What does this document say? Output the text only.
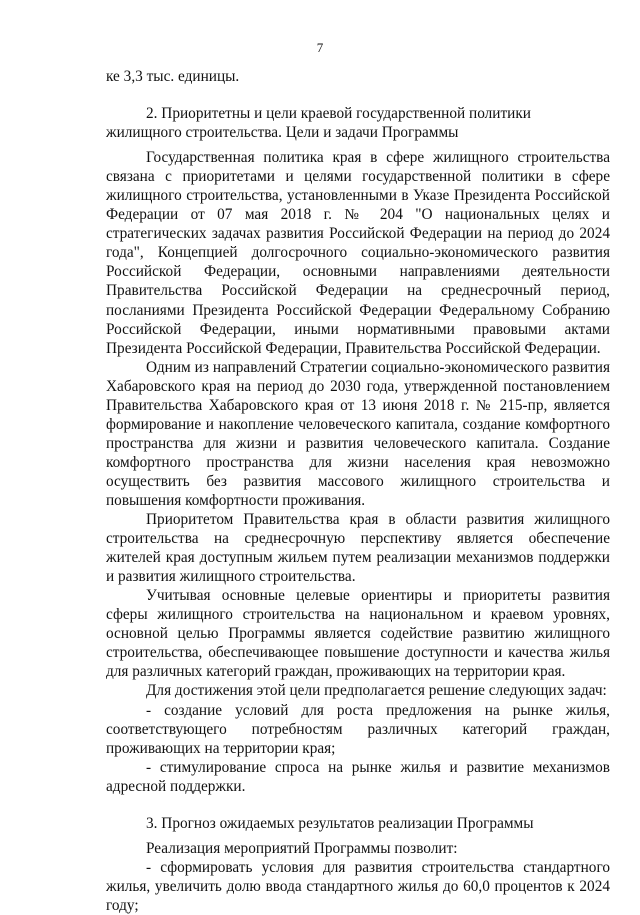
7

ке 3,3 тыс. единицы.

2. Приоритетны и цели краевой государственной политики жилищного строительства. Цели и задачи Программы

Государственная политика края в сфере жилищного строительства связана с приоритетами и целями государственной политики в сфере жилищного строительства, установленными в Указе Президента Российской Федерации от 07 мая 2018 г. № 204 "О национальных целях и стратегических задачах развития Российской Федерации на период до 2024 года", Концепцией долгосрочного социально-экономического развития Российской Федерации, основными направлениями деятельности Правительства Российской Федерации на среднесрочный период, посланиями Президента Российской Федерации Федеральному Собранию Российской Федерации, иными нормативными правовыми актами Президента Российской Федерации, Правительства Российской Федерации.

Одним из направлений Стратегии социально-экономического развития Хабаровского края на период до 2030 года, утвержденной постановлением Правительства Хабаровского края от 13 июня 2018 г. № 215-пр, является формирование и накопление человеческого капитала, создание комфортного пространства для жизни и развития человеческого капитала. Создание комфортного пространства для жизни населения края невозможно осуществить без развития массового жилищного строительства и повышения комфортности проживания.

Приоритетом Правительства края в области развития жилищного строительства на среднесрочную перспективу является обеспечение жителей края доступным жильем путем реализации механизмов поддержки и развития жилищного строительства.

Учитывая основные целевые ориентиры и приоритеты развития сферы жилищного строительства на национальном и краевом уровнях, основной целью Программы является содействие развитию жилищного строительства, обеспечивающее повышение доступности и качества жилья для различных категорий граждан, проживающих на территории края.

Для достижения этой цели предполагается решение следующих задач:

- создание условий для роста предложения на рынке жилья, соответствующего потребностям различных категорий граждан, проживающих на территории края;

- стимулирование спроса на рынке жилья и развитие механизмов адресной поддержки.

3. Прогноз ожидаемых результатов реализации Программы

Реализация мероприятий Программы позволит:

- сформировать условия для развития строительства стандартного жилья, увеличить долю ввода стандартного жилья до 60,0 процентов к 2024 году;
